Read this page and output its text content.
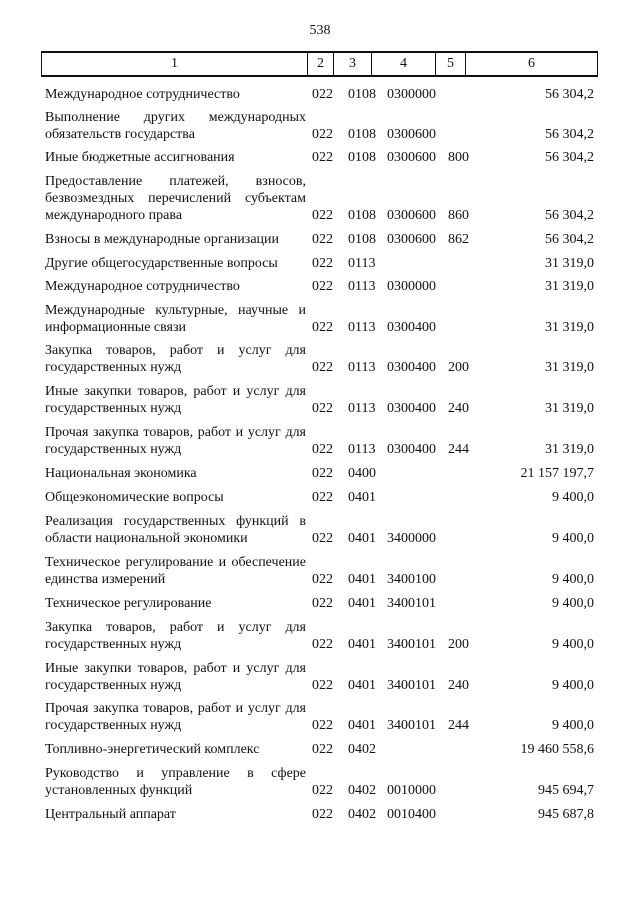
538
1	2	3	4	5	6
Международное сотрудничество	022 0108 0300000	56 304,2
Выполнение других международных обязательств государства	022 0108 0300600	56 304,2
Иные бюджетные ассигнования	022 0108 0300600 800	56 304,2
Предоставление платежей, взносов, безвозмездных перечислений субъектам международного права	022 0108 0300600 860	56 304,2
Взносы в международные организации	022 0108 0300600 862	56 304,2
Другие общегосударственные вопросы	022 0113	31 319,0
Международное сотрудничество	022 0113 0300000	31 319,0
Международные культурные, научные и информационные связи	022 0113 0300400	31 319,0
Закупка товаров, работ и услуг для государственных нужд	022 0113 0300400 200	31 319,0
Иные закупки товаров, работ и услуг для государственных нужд	022 0113 0300400 240	31 319,0
Прочая закупка товаров, работ и услуг для государственных нужд	022 0113 0300400 244	31 319,0
Национальная экономика	022 0400	21 157 197,7
Общеэкономические вопросы	022 0401	9 400,0
Реализация государственных функций в области национальной экономики	022 0401 3400000	9 400,0
Техническое регулирование и обеспечение единства измерений	022 0401 3400100	9 400,0
Техническое регулирование	022 0401 3400101	9 400,0
Закупка товаров, работ и услуг для государственных нужд	022 0401 3400101 200	9 400,0
Иные закупки товаров, работ и услуг для государственных нужд	022 0401 3400101 240	9 400,0
Прочая закупка товаров, работ и услуг для государственных нужд	022 0401 3400101 244	9 400,0
Топливно-энергетический комплекс	022 0402	19 460 558,6
Руководство и управление в сфере установленных функций	022 0402 0010000	945 694,7
Центральный аппарат	022 0402 0010400	945 687,8
